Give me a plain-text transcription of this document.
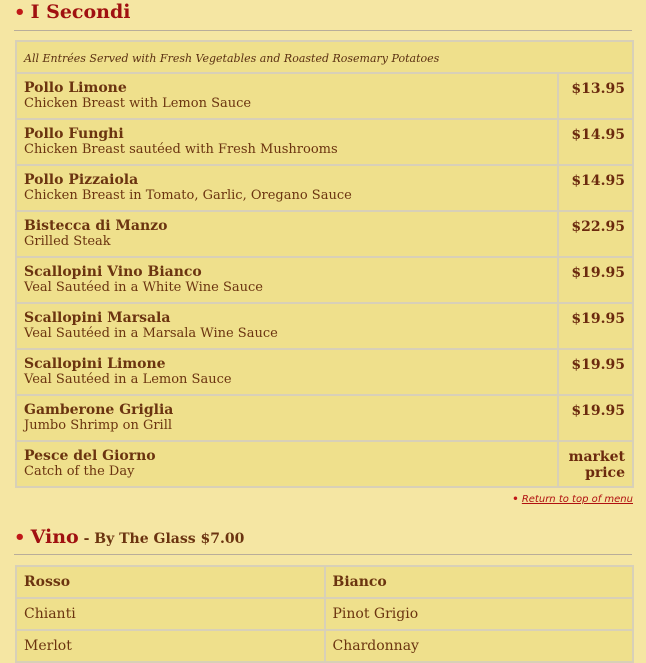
• I Secondi
All Entrées Served with Fresh Vegetables and Roasted Rosemary Potatoes	

Pollo Limone
Chicken Breast with Lemon Sauce	$13.95

Pollo Funghi
Chicken Breast sautéed with Fresh Mushrooms	$14.95

Pollo Pizzaiola
Chicken Breast in Tomato, Garlic, Oregano Sauce	$14.95

Bistecca di Manzo
Grilled Steak	$22.95

Scallopini Vino Bianco
Veal Sautéed in a White Wine Sauce	$19.95

Scallopini Marsala
Veal Sautéed in a Marsala Wine Sauce	$19.95

Scallopini Limone
Veal Sautéed in a Lemon Sauce	$19.95

Gamberone Griglia
Jumbo Shrimp on Grill	$19.95

Pesce del Giorno
Catch of the Day	market price
• Return to top of menu
• Vino - By The Glass $7.00
Rosso	Bianco
Chianti	Pinot Grigio
Merlot	Chardonnay
